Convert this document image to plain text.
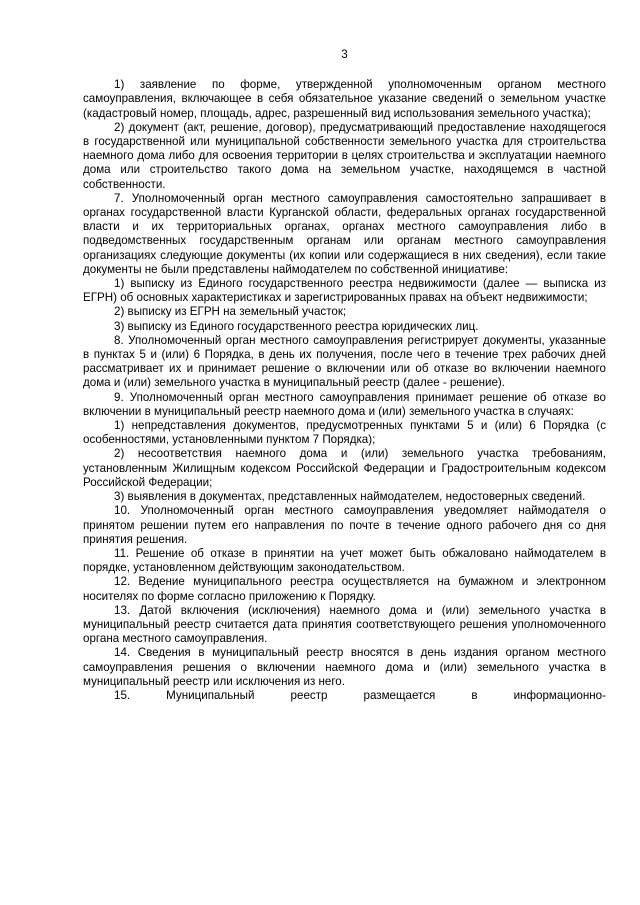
3

1) заявление по форме, утвержденной уполномоченным органом местного самоуправления, включающее в себя обязательное указание сведений о земельном участке (кадастровый номер, площадь, адрес, разрешенный вид использования земельного участка);

2) документ (акт, решение, договор), предусматривающий предоставление находящегося в государственной или муниципальной собственности земельного участка для строительства наемного дома либо для освоения территории в целях строительства и эксплуатации наемного дома или строительство такого дома на земельном участке, находящемся в частной собственности.

7. Уполномоченный орган местного самоуправления самостоятельно запрашивает в органах государственной власти Курганской области, федеральных органах государственной власти и их территориальных органах, органах местного самоуправления либо в подведомственных государственным органам или органам местного самоуправления организациях следующие документы (их копии или содержащиеся в них сведения), если такие документы не были представлены наймодателем по собственной инициативе:

1) выписку из Единого государственного реестра недвижимости (далее — выписка из ЕГРН) об основных характеристиках и зарегистрированных правах на объект недвижимости;

2) выписку из ЕГРН на земельный участок;

3) выписку из Единого государственного реестра юридических лиц.

8. Уполномоченный орган местного самоуправления регистрирует документы, указанные в пунктах 5 и (или) 6 Порядка, в день их получения, после чего в течение трех рабочих дней рассматривает их и принимает решение о включении или об отказе во включении наемного дома и (или) земельного участка в муниципальный реестр (далее - решение).

9. Уполномоченный орган местного самоуправления принимает решение об отказе во включении в муниципальный реестр наемного дома и (или) земельного участка в случаях:

1) непредставления документов, предусмотренных пунктами 5 и (или) 6 Порядка (с особенностями, установленными пунктом 7 Порядка);

2) несоответствия наемного дома и (или) земельного участка требованиям, установленным Жилищным кодексом Российской Федерации и Градостроительным кодексом Российской Федерации;

3) выявления в документах, представленных наймодателем, недостоверных сведений.

10. Уполномоченный орган местного самоуправления уведомляет наймодателя о принятом решении путем его направления по почте в течение одного рабочего дня со дня принятия решения.

11. Решение об отказе в принятии на учет может быть обжаловано наймодателем в порядке, установленном действующим законодательством.

12. Ведение муниципального реестра осуществляется на бумажном и электронном носителях по форме согласно приложению к Порядку.

13. Датой включения (исключения) наемного дома и (или) земельного участка в муниципальный реестр считается дата принятия соответствующего решения уполномоченного органа местного самоуправления.

14. Сведения в муниципальный реестр вносятся в день издания органом местного самоуправления решения о включении наемного дома и (или) земельного участка в муниципальный реестр или исключения из него.

15. Муниципальный реестр размещается в информационно-
